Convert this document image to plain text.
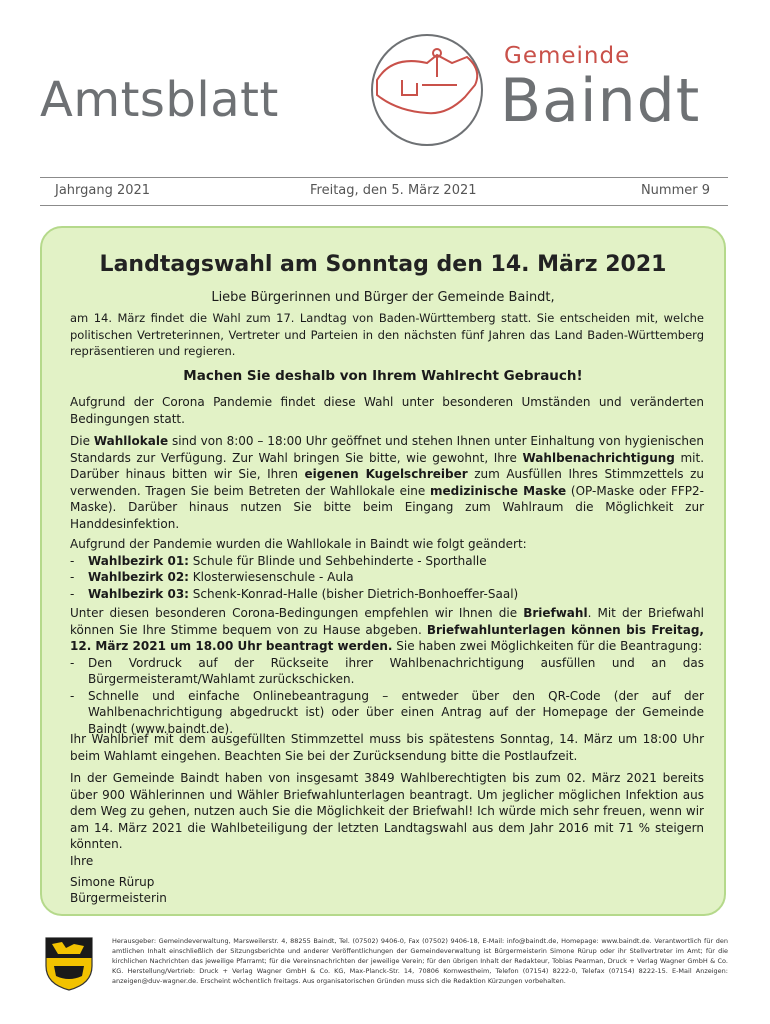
Amtsblatt
Gemeinde
Baindt
Jahrgang 2021	Freitag, den 5. März 2021	Nummer 9
Landtagswahl am Sonntag den 14. März 2021
Liebe Bürgerinnen und Bürger der Gemeinde Baindt,
am 14. März findet die Wahl zum 17. Landtag von Baden-Württemberg statt. Sie entscheiden mit, welche politischen Vertreterinnen, Vertreter und Parteien in den nächsten fünf Jahren das Land Baden-Württemberg repräsentieren und regieren.
Machen Sie deshalb von Ihrem Wahlrecht Gebrauch!
Aufgrund der Corona Pandemie findet diese Wahl unter besonderen Umständen und veränderten Bedingungen statt.
Die Wahllokale sind von 8:00 – 18:00 Uhr geöffnet und stehen Ihnen unter Einhaltung von hygienischen Standards zur Verfügung. Zur Wahl bringen Sie bitte, wie gewohnt, Ihre Wahlbenachrichtigung mit. Darüber hinaus bitten wir Sie, Ihren eigenen Kugelschreiber zum Ausfüllen Ihres Stimmzettels zu verwenden. Tragen Sie beim Betreten der Wahllokale eine medizinische Maske (OP-Maske oder FFP2-Maske). Darüber hinaus nutzen Sie bitte beim Eingang zum Wahlraum die Möglichkeit zur Handdesinfektion.
Aufgrund der Pandemie wurden die Wahllokale in Baindt wie folgt geändert:
- Wahlbezirk 01: Schule für Blinde und Sehbehinderte - Sporthalle
- Wahlbezirk 02: Klosterwiesenschule - Aula
- Wahlbezirk 03: Schenk-Konrad-Halle (bisher Dietrich-Bonhoeffer-Saal)
Unter diesen besonderen Corona-Bedingungen empfehlen wir Ihnen die Briefwahl. Mit der Briefwahl können Sie Ihre Stimme bequem von zu Hause abgeben. Briefwahlunterlagen können bis Freitag, 12. März 2021 um 18.00 Uhr beantragt werden. Sie haben zwei Möglichkeiten für die Beantragung:
- Den Vordruck auf der Rückseite ihrer Wahlbenachrichtigung ausfüllen und an das Bürgermeisteramt/Wahlamt zurückschicken.
- Schnelle und einfache Onlinebeantragung – entweder über den QR-Code (der auf der Wahlbenachrichtigung abgedruckt ist) oder über einen Antrag auf der Homepage der Gemeinde Baindt (www.baindt.de).
Ihr Wahlbrief mit dem ausgefüllten Stimmzettel muss bis spätestens Sonntag, 14. März um 18:00 Uhr beim Wahlamt eingehen. Beachten Sie bei der Zurücksendung bitte die Postlaufzeit.
In der Gemeinde Baindt haben von insgesamt 3849 Wahlberechtigten bis zum 02. März 2021 bereits über 900 Wählerinnen und Wähler Briefwahlunterlagen beantragt. Um jeglicher möglichen Infektion aus dem Weg zu gehen, nutzen auch Sie die Möglichkeit der Briefwahl! Ich würde mich sehr freuen, wenn wir am 14. März 2021 die Wahlbeteiligung der letzten Landtagswahl aus dem Jahr 2016 mit 71 % steigern könnten.
Ihre
Simone Rürup
Bürgermeisterin
Herausgeber: Gemeindeverwaltung, Marsweilerstr. 4, 88255 Baindt, Tel. (07502) 9406-0, Fax (07502) 9406-18, E-Mail: info@baindt.de, Homepage: www.baindt.de. Verantwortlich für den amtlichen Inhalt einschließlich der Sitzungsberichte und anderer Veröffentlichungen der Gemeindeverwaltung ist Bürgermeisterin Simone Rürup oder ihr Stellvertreter im Amt; für die kirchlichen Nachrichten das jeweilige Pfarramt; für die Vereinsnachrichten der jeweilige Verein; für den übrigen Inhalt der Redakteur, Tobias Pearman, Druck + Verlag Wagner GmbH & Co. KG. Herstellung/Vertrieb: Druck + Verlag Wagner GmbH & Co. KG, Max-Planck-Str. 14, 70806 Kornwestheim, Telefon (07154) 8222-0, Telefax (07154) 8222-15. E-Mail Anzeigen: anzeigen@duv-wagner.de. Erscheint wöchentlich freitags. Aus organisatorischen Gründen muss sich die Redaktion Kürzungen vorbehalten.
